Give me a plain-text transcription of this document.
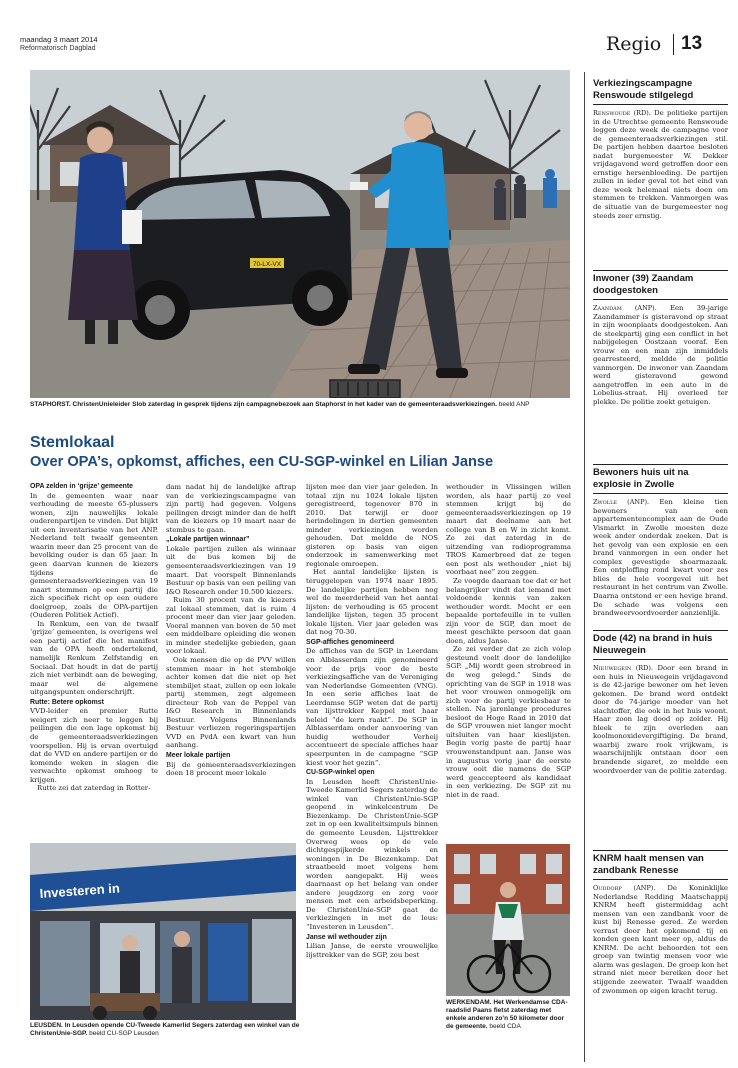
maandag 3 maart 2014
Reformatorisch Dagblad	Regio 13
70-LX-VX
STAPHORST. ChristenUnieleider Slob zaterdag in gesprek tijdens zijn campagnebezoek aan Staphorst in het kader van de gemeenteraadsverkiezingen. beeld ANP
Stemlokaal
Over OPA’s, opkomst, affiches, een CU-SGP-winkel en Lilian Janse
OPA zelden in ‘grijze’ gemeente
In de gemeenten waar naar verhouding de meeste 65-plussers wonen, zijn nauwelijks lokale ouderenpartijen te vinden. Dat blijkt uit een inventarisatie van het ANP. Nederland telt twaalf gemeenten waarin meer dan 25 procent van de bevolking ouder is dan 65 jaar. In geen daarvan kunnen de kiezers tijdens de gemeenteraadsverkiezingen van 19 maart stemmen op een partij die zich specifiek richt op een oudere doelgroep, zoals de OPA-partijen (Ouderen Politiek Actief).
In Renkum, een van de twaalf ‘grijze’ gemeenten, is overigens wel een partij actief die het manifest van de OPA heeft ondertekend, namelijk Renkum Zelfstandig en Sociaal. Dat houdt in dat de partij zich niet verbindt aan de beweging, maar wel de algemene uitgangspunten onderschrijft.
Rutte: Betere opkomst
VVD-leider en premier Rutte weigert zich neer te leggen bij peilingen die een lage opkomst bij de gemeenteraadsverkiezingen voorspellen. Hij is ervan overtuigd dat de VVD en andere partijen er de komende weken in slagen die verwachte opkomst omhoog te krijgen.
Rutte zei dat zaterdag in Rotter-
dam nadat hij de landelijke aftrap van de verkiezingscampagne van zijn partij had gegeven. Volgens peilingen dreigt minder dan de helft van de kiezers op 19 maart naar de stembus te gaan.
„Lokale partijen winnaar”
Lokale partijen zullen als winnaar uit de bus komen bij de gemeenteraadsverkiezingen van 19 maart. Dat voorspelt Binnenlands Bestuur op basis van een peiling van I&O Research onder 10.500 kiezers.
Ruim 30 procent van de kiezers zal lokaal stemmen, dat is ruim 4 procent meer dan vier jaar geleden. Vooral mannen van boven de 50 met een middelbare opleiding die wonen in minder stedelijke gebieden, gaan voor lokaal.
Ook mensen die op de PVV willen stemmen maar in het stembokje achter komen dat die niet op het stembiljet staat, zullen op een lokale partij stemmen, zegt algemeen directeur Rob van de Peppel van I&O Research in Binnenlands Bestuur. Volgens Binnenlands Bestuur verliezen regeringspartijen VVD en PvdA een kwart van hun aanhang.
Meer lokale partijen
Bij de gemeenteraadsverkiezingen doen 18 procent meer lokale
lijsten mee dan vier jaar geleden. In totaal zijn nu 1024 lokale lijsten geregistreerd, tegenover 870 in 2010. Dat terwijl er door herindelingen in dertien gemeenten minder verkiezingen worden gehouden. Dat meldde de NOS gisteren op basis van eigen onderzoek in samenwerking met regionale omroepen.
Het aantal landelijke lijsten is teruggelopen van 1974 naar 1895. De landelijke partijen hebben nog wel de meerderheid van het aantal lijsten: de verhouding is 65 procent landelijke lijsten, tegen 35 procent lokale lijsten. Vier jaar geleden was dat nog 70-30.
SGP-affiches genomineerd
De affiches van de SGP in Leerdam en Alblasserdam zijn genomineerd voor de prijs voor de beste verkiezingsaffiche van de Vereniging van Nederlandse Gemeenten (VNG). In een serie affiches laat de Leerdamse SGP weten dat de partij van lijsttrekker Keppel met haar beleid “de kern raakt”. De SGP in Alblasserdam onder aanvoering van huidig wethouder Verheij accentueert de speciale affiches haar speerpunten in de campagne “SGP kiest voor het gezin”.
CU-SGP-winkel open
In Leusden heeft ChristenUnie-Tweede Kamerlid Segers zaterdag de winkel van ChristenUnie-SGP geopend in winkelcentrum De Biezenkamp. De ChristenUnie-SGP zet in op een kwaliteitsimpuls binnen de gemeente Leusden. Lijsttrekker Overweg wees op de vele dichtgespijkerde winkels en woningen in De Biezenkamp. Dat straatbeeld moet volgens hem worden aangepakt. Hij wees daarnaast op het belang van onder andere jeugdzorg en zorg voor mensen met een arbeidsbeperking. De ChristenUnie-SGP gaat de verkiezingen in met de leus: “Investeren in Leusden”.
Janse wil wethouder zijn
Lilian Janse, de eerste vrouwelijke lijsttrekker van de SGP, zou best
wethouder in Vlissingen willen worden, als haar partij zo veel stemmen krijgt bij de gemeenteraadsverkiezingen op 19 maart dat deelname aan het college van B en W in zicht komt. Ze zei dat zaterdag in de uitzending van radioprogramma TROS Kamerbreed dat ze tegen een post als wethouder „niet bij voorbaat nee” zou zeggen.
Ze voegde daaraan toe dat er het belangrijker vindt dat iemand met voldoende kennis van zaken wethouder wordt. Mocht er een bepaalde portefeuille in te vullen zijn voor de SGP, dan moet de meest geschikte persoon dat gaan doen, aldus Janse.
Ze zei verder dat ze zich volop gesteund voelt door de landelijke SGP. „Mij wordt geen strobreed in de weg gelegd.” Sinds de oprichting van de SGP in 1918 was het voor vrouwen onmogelijk om zich voor de partij verkiesbaar te stellen. Na jarenlange procedures besloot de Hoge Raad in 2010 dat de SGP vrouwen niet langer mocht uitsluiten van haar kieslijsten. Begin vorig paste de partij haar vrouwenstandpunt aan. Janse was in augustus vorig jaar de eerste vrouw ooit die namens de SGP werd geaccepteerd als kandidaat in een verkiezing. De SGP zit nu niet in de raad.
Investeren in
LEUSDEN. In Leusden opende CU-Tweede Kamerlid Segers zaterdag een winkel van de ChristenUnie-SGP. beeld CU-SGP Leusden
WERKENDAM. Het Werkendamse CDA-raadslid Paans fietst zaterdag met enkele anderen zo’n 50 kilometer door de gemeente. beeld CDA
Verkiezingscampagne Renswoude stilgelegd
Renswoude (RD). De politieke partijen in de Utrechtse gemeente Renswoude leggen deze week de campagne voor de gemeenteraadsverkiezingen stil. De partijen hebben daartoe besloten nadat burgemeester W. Dekker vrijdagavond werd getroffen door een ernstige hersenbloeding. De partijen zullen in ieder geval tot het eind van deze week helemaal niets doen om stemmen te trekken. Vanmorgen was de situatie van de burgemeester nog steeds zeer ernstig.
Inwoner (39) Zaandam doodgestoken
Zaandam (ANP). Een 39-jarige Zaandammer is gisteravond op straat in zijn woonplaats doodgestoken. Aan de steekpartij ging een conflict in het nabijgelegen Oostzaan vooraf. Een vrouw en een man zijn inmiddels gearresteerd, meldde de politie vanmorgen. De inwoner van Zaandam werd gisteravond gewond aangetroffen in een auto in de Lobelius-straat. Hij overleed ter plekke. De politie zoekt getuigen.
Bewoners huis uit na explosie in Zwolle
Zwolle (ANP). Een kleine tien bewoners van een appartementencomplex aan de Oude Vismarkt in Zwolle moesten deze week ander onderdak zoeken. Dat is het gevolg van een explosie en een brand vanmorgen in een onder het complex gevestigde shoarmazaak. Een ontploffing rond kwart voor zes blies de hele voorgevel uit het restaurant in het centrum van Zwolle. Daarna ontstond er een hevige brand. De schade was volgens een brandweervoordvoerder aanzienlijk.
Dode (42) na brand in huis Nieuwegein
Nieuwegein (RD). Door een brand in een huis in Nieuwegein vrijdagavond is de 42-jarige bewoner om het leven gekomen. De brand werd ontdekt door de 74-jarige moeder van het slachtoffer, die ook in het huis woont. Haar zoon lag dood op zolder. Hij bleek te zijn overleden aan koolmonoxidevergiftiging. De brand, waarbij zware rook vrijkwam, is waarschijnlijk ontstaan door een brandende sigaret, zo meldde een woordvoerder van de politie zaterdag.
KNRM haalt mensen van zandbank Renesse
Ouddorp (ANP). De Koninklijke Nederlandse Redding Maatschappij KNRM heeft gistermiddag acht mensen van een zandbank voor de kust bij Renesse gered. Ze werden verrast door het opkomend tij en konden geen kant meer op, aldus de KNRM. De acht behoorden tot een groep van twintig mensen voor wie alarm was geslagen. De groep kon het strand niet meer bereiken door het stijgende zeewater. Twaalf waadden of zwommen op eigen kracht terug.
